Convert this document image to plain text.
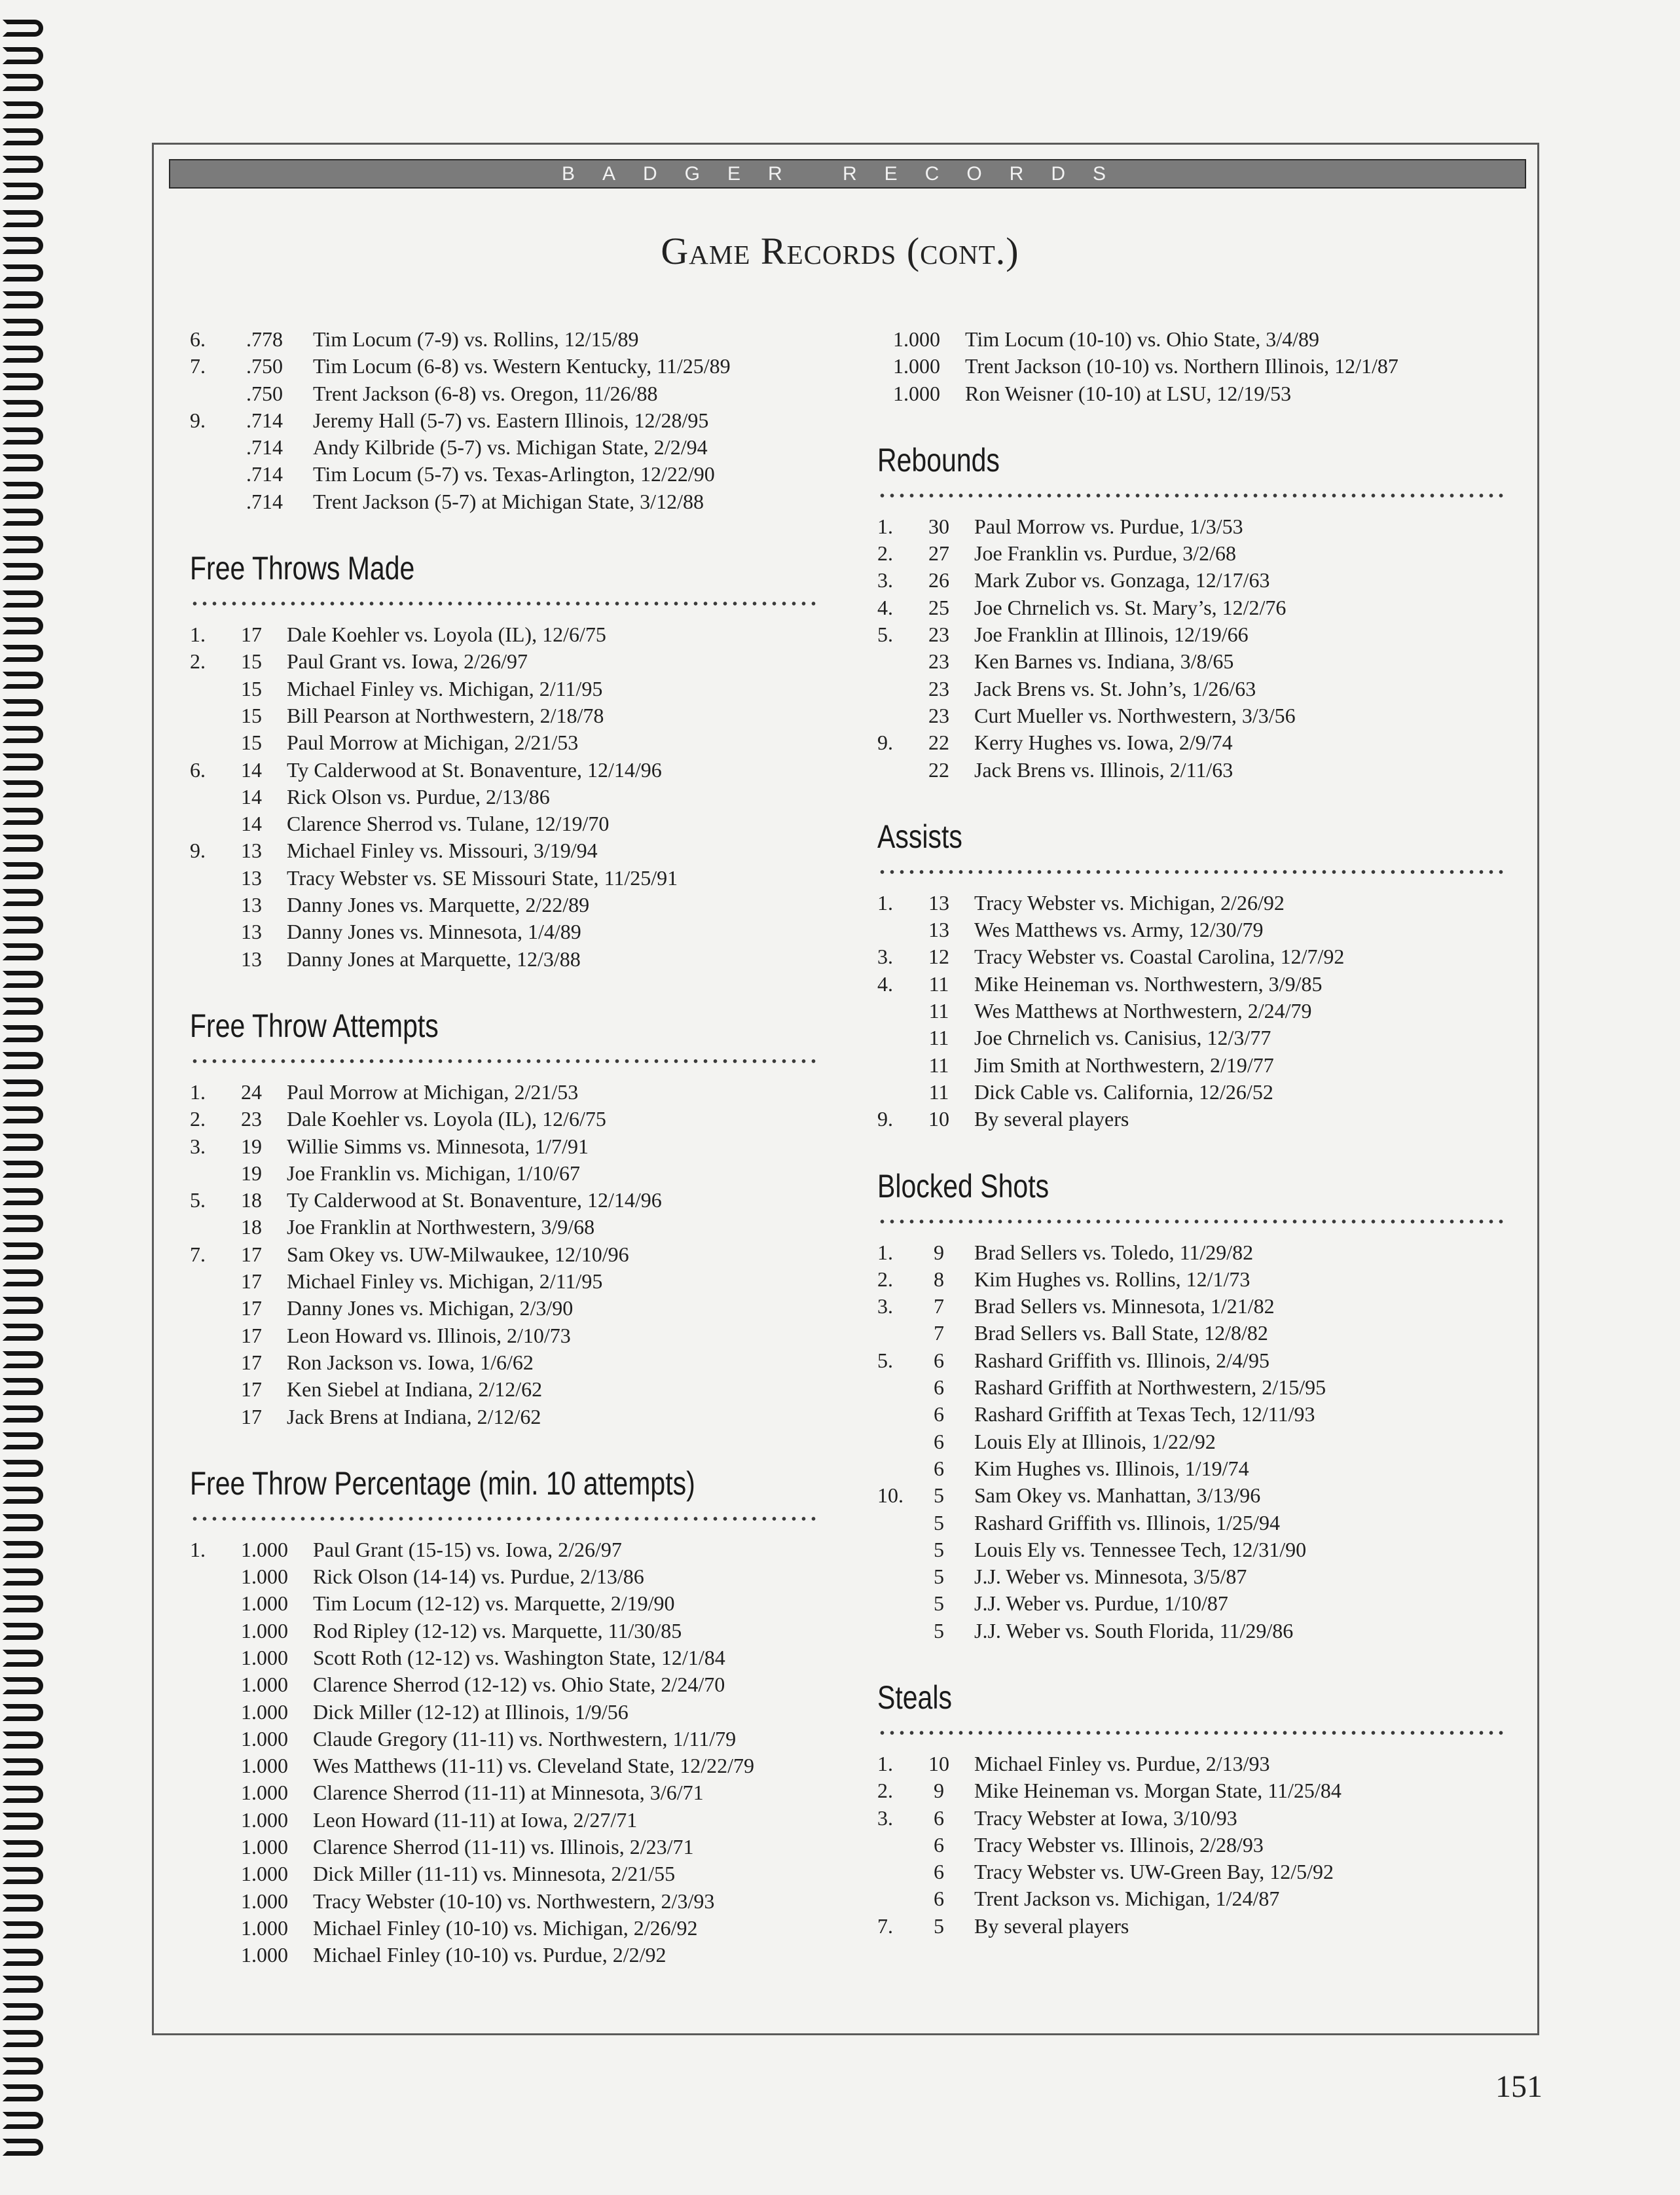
BADGER RECORDS
Game Records (cont.)
6.	.778	Tim Locum (7-9) vs. Rollins, 12/15/89
7.	.750	Tim Locum (6-8) vs. Western Kentucky, 11/25/89
.750	Trent Jackson (6-8) vs. Oregon, 11/26/88
9.	.714	Jeremy Hall (5-7) vs. Eastern Illinois, 12/28/95
.714	Andy Kilbride (5-7) vs. Michigan State, 2/2/94
.714	Tim Locum (5-7) vs. Texas-Arlington, 12/22/90
.714	Trent Jackson (5-7) at Michigan State, 3/12/88
Free Throws Made
1.	17	Dale Koehler vs. Loyola (IL), 12/6/75
2.	15	Paul Grant vs. Iowa, 2/26/97
15	Michael Finley vs. Michigan, 2/11/95
15	Bill Pearson at Northwestern, 2/18/78
15	Paul Morrow at Michigan, 2/21/53
6.	14	Ty Calderwood at St. Bonaventure, 12/14/96
14	Rick Olson vs. Purdue, 2/13/86
14	Clarence Sherrod vs. Tulane, 12/19/70
9.	13	Michael Finley vs. Missouri, 3/19/94
13	Tracy Webster vs. SE Missouri State, 11/25/91
13	Danny Jones vs. Marquette, 2/22/89
13	Danny Jones vs. Minnesota, 1/4/89
13	Danny Jones at Marquette, 12/3/88
Free Throw Attempts
1.	24	Paul Morrow at Michigan, 2/21/53
2.	23	Dale Koehler vs. Loyola (IL), 12/6/75
3.	19	Willie Simms vs. Minnesota, 1/7/91
19	Joe Franklin vs. Michigan, 1/10/67
5.	18	Ty Calderwood at St. Bonaventure, 12/14/96
18	Joe Franklin at Northwestern, 3/9/68
7.	17	Sam Okey vs. UW-Milwaukee, 12/10/96
17	Michael Finley vs. Michigan, 2/11/95
17	Danny Jones vs. Michigan, 2/3/90
17	Leon Howard vs. Illinois, 2/10/73
17	Ron Jackson vs. Iowa, 1/6/62
17	Ken Siebel at Indiana, 2/12/62
17	Jack Brens at Indiana, 2/12/62
Free Throw Percentage (min. 10 attempts)
1.	1.000	Paul Grant (15-15) vs. Iowa, 2/26/97
1.000	Rick Olson (14-14) vs. Purdue, 2/13/86
1.000	Tim Locum (12-12) vs. Marquette, 2/19/90
1.000	Rod Ripley (12-12) vs. Marquette, 11/30/85
1.000	Scott Roth (12-12) vs. Washington State, 12/1/84
1.000	Clarence Sherrod (12-12) vs. Ohio State, 2/24/70
1.000	Dick Miller (12-12) at Illinois, 1/9/56
1.000	Claude Gregory (11-11) vs. Northwestern, 1/11/79
1.000	Wes Matthews (11-11) vs. Cleveland State, 12/22/79
1.000	Clarence Sherrod (11-11) at Minnesota, 3/6/71
1.000	Leon Howard (11-11) at Iowa, 2/27/71
1.000	Clarence Sherrod (11-11) vs. Illinois, 2/23/71
1.000	Dick Miller (11-11) vs. Minnesota, 2/21/55
1.000	Tracy Webster (10-10) vs. Northwestern, 2/3/93
1.000	Michael Finley (10-10) vs. Michigan, 2/26/92
1.000	Michael Finley (10-10) vs. Purdue, 2/2/92
1.000	Tim Locum (10-10) vs. Ohio State, 3/4/89
1.000	Trent Jackson (10-10) vs. Northern Illinois, 12/1/87
1.000	Ron Weisner (10-10) at LSU, 12/19/53
Rebounds
1.	30	Paul Morrow vs. Purdue, 1/3/53
2.	27	Joe Franklin vs. Purdue, 3/2/68
3.	26	Mark Zubor vs. Gonzaga, 12/17/63
4.	25	Joe Chrnelich vs. St. Mary’s, 12/2/76
5.	23	Joe Franklin at Illinois, 12/19/66
23	Ken Barnes vs. Indiana, 3/8/65
23	Jack Brens vs. St. John’s, 1/26/63
23	Curt Mueller vs. Northwestern, 3/3/56
9.	22	Kerry Hughes vs. Iowa, 2/9/74
22	Jack Brens vs. Illinois, 2/11/63
Assists
1.	13	Tracy Webster vs. Michigan, 2/26/92
13	Wes Matthews vs. Army, 12/30/79
3.	12	Tracy Webster vs. Coastal Carolina, 12/7/92
4.	11	Mike Heineman vs. Northwestern, 3/9/85
11	Wes Matthews at Northwestern, 2/24/79
11	Joe Chrnelich vs. Canisius, 12/3/77
11	Jim Smith at Northwestern, 2/19/77
11	Dick Cable vs. California, 12/26/52
9.	10	By several players
Blocked Shots
1.	9	Brad Sellers vs. Toledo, 11/29/82
2.	8	Kim Hughes vs. Rollins, 12/1/73
3.	7	Brad Sellers vs. Minnesota, 1/21/82
7	Brad Sellers vs. Ball State, 12/8/82
5.	6	Rashard Griffith vs. Illinois, 2/4/95
6	Rashard Griffith at Northwestern, 2/15/95
6	Rashard Griffith at Texas Tech, 12/11/93
6	Louis Ely at Illinois, 1/22/92
6	Kim Hughes vs. Illinois, 1/19/74
10.	5	Sam Okey vs. Manhattan, 3/13/96
5	Rashard Griffith vs. Illinois, 1/25/94
5	Louis Ely vs. Tennessee Tech, 12/31/90
5	J.J. Weber vs. Minnesota, 3/5/87
5	J.J. Weber vs. Purdue, 1/10/87
5	J.J. Weber vs. South Florida, 11/29/86
Steals
1.	10	Michael Finley vs. Purdue, 2/13/93
2.	9	Mike Heineman vs. Morgan State, 11/25/84
3.	6	Tracy Webster at Iowa, 3/10/93
6	Tracy Webster vs. Illinois, 2/28/93
6	Tracy Webster vs. UW-Green Bay, 12/5/92
6	Trent Jackson vs. Michigan, 1/24/87
7.	5	By several players
151
